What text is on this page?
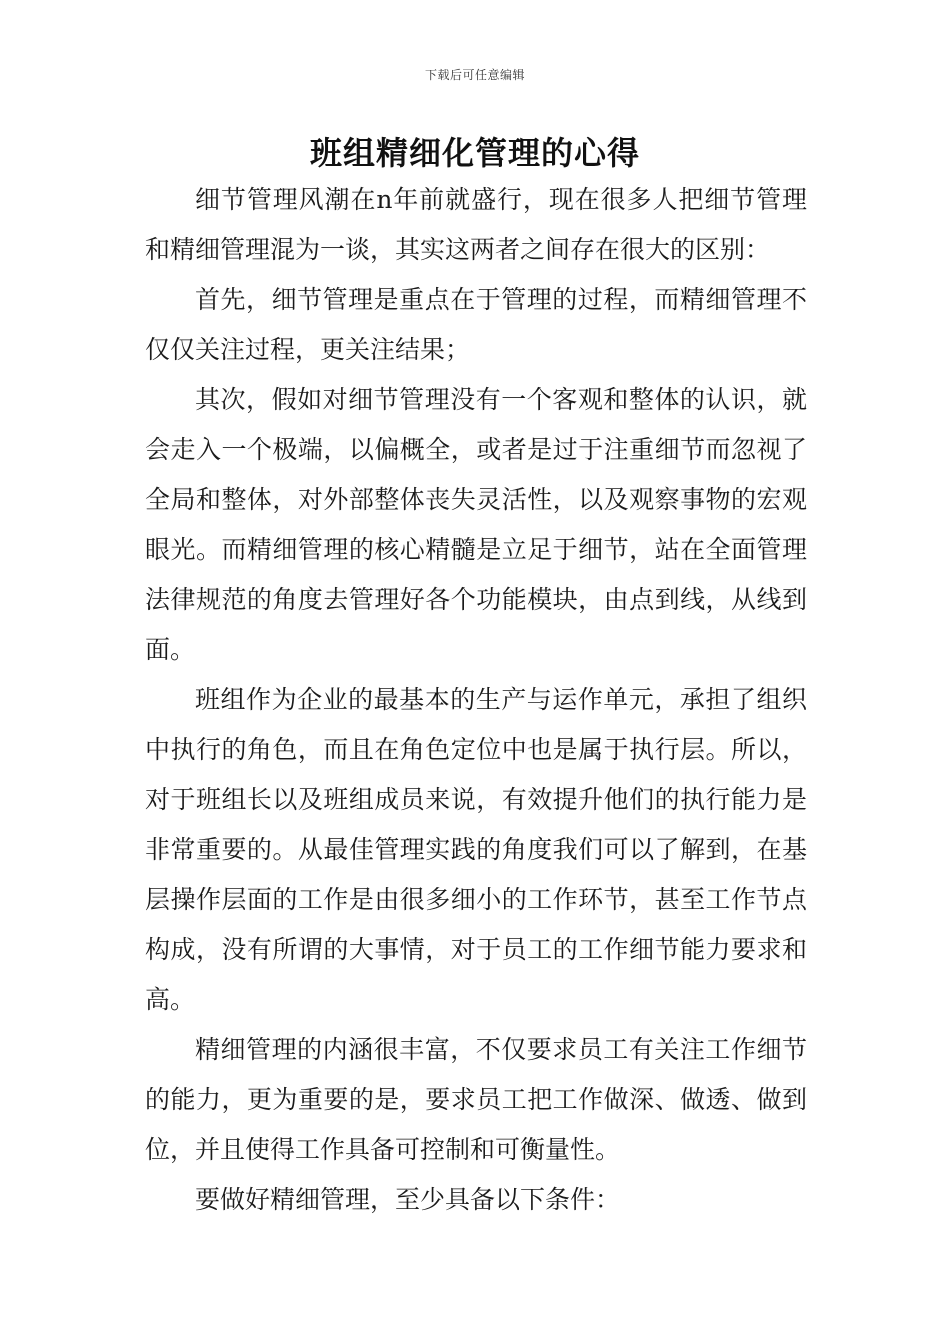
下载后可任意编辑
班组精细化管理的心得

细节管理风潮在n年前就盛行，现在很多人把细节管理和精细管理混为一谈，其实这两者之间存在很大的区别：

首先，细节管理是重点在于管理的过程，而精细管理不仅仅关注过程，更关注结果；

其次，假如对细节管理没有一个客观和整体的认识，就会走入一个极端，以偏概全，或者是过于注重细节而忽视了全局和整体，对外部整体丧失灵活性，以及观察事物的宏观眼光。而精细管理的核心精髓是立足于细节，站在全面管理法律规范的角度去管理好各个功能模块，由点到线，从线到面。

班组作为企业的最基本的生产与运作单元，承担了组织中执行的角色，而且在角色定位中也是属于执行层。所以，对于班组长以及班组成员来说，有效提升他们的执行能力是非常重要的。从最佳管理实践的角度我们可以了解到，在基层操作层面的工作是由很多细小的工作环节，甚至工作节点构成，没有所谓的大事情，对于员工的工作细节能力要求和高。

精细管理的内涵很丰富，不仅要求员工有关注工作细节的能力，更为重要的是，要求员工把工作做深、做透、做到位，并且使得工作具备可控制和可衡量性。

要做好精细管理，至少具备以下条件：
